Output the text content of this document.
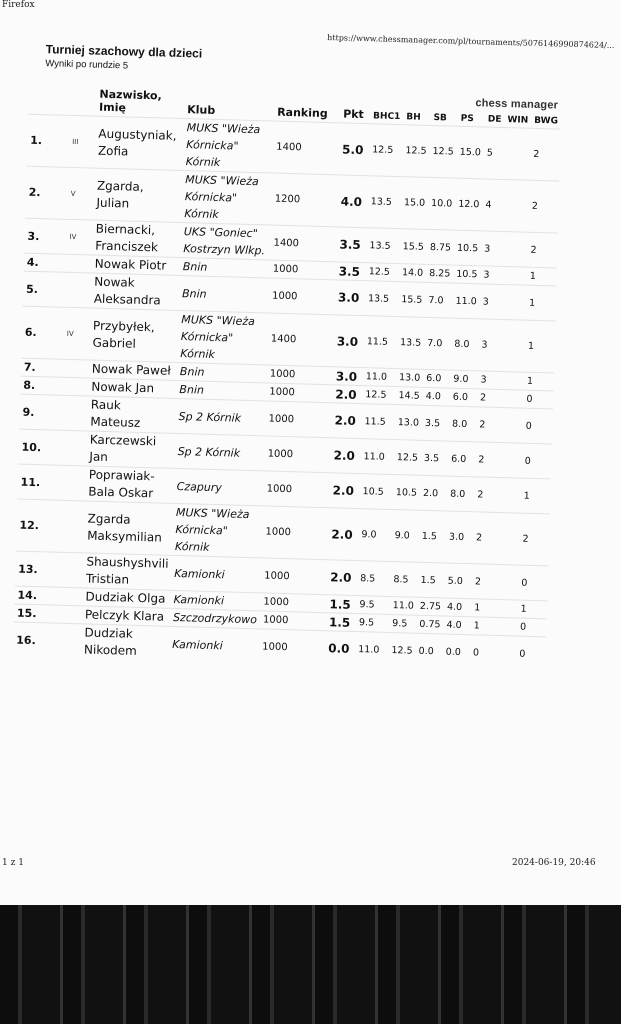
Firefox
https://www.chessmanager.com/pl/tournaments/5076146990874624/...
Turniej szachowy dla dzieci
Wyniki po rundzie 5
chess manager
		Nazwisko, Imię	Klub	Ranking	Pkt	BHC1	BH	SB	PS	DE	WIN	BWG
1.	III	Augustyniak, Zofia	MUKS "Wieża Kórnicka" Kórnik	1400	5.0	12.5	12.5	12.5	15.0	5		2
2.	V	Zgarda, Julian	MUKS "Wieża Kórnicka" Kórnik	1200	4.0	13.5	15.0	10.0	12.0	4		2
3.	IV	Biernacki, Franciszek	UKS "Goniec" Kostrzyn Wlkp.	1400	3.5	13.5	15.5	8.75	10.5	3		2
4.		Nowak Piotr	Bnin	1000	3.5	12.5	14.0	8.25	10.5	3		1
5.		Nowak Aleksandra	Bnin	1000	3.0	13.5	15.5	7.0	11.0	3		1
6.	IV	Przybyłek, Gabriel	MUKS "Wieża Kórnicka" Kórnik	1400	3.0	11.5	13.5	7.0	8.0	3		1
7.		Nowak Paweł	Bnin	1000	3.0	11.0	13.0	6.0	9.0	3		1
8.		Nowak Jan	Bnin	1000	2.0	12.5	14.5	4.0	6.0	2		0
9.		Rauk Mateusz	Sp 2 Kórnik	1000	2.0	11.5	13.0	3.5	8.0	2		0
10.		Karczewski Jan	Sp 2 Kórnik	1000	2.0	11.0	12.5	3.5	6.0	2		0
11.		Poprawiak-Bala Oskar	Czapury	1000	2.0	10.5	10.5	2.0	8.0	2		1
12.		Zgarda Maksymilian	MUKS "Wieża Kórnicka" Kórnik	1000	2.0	9.0	9.0	1.5	3.0	2		2
13.		Shaushyshvili Tristian	Kamionki	1000	2.0	8.5	8.5	1.5	5.0	2		0
14.		Dudziak Olga	Kamionki	1000	1.5	9.5	11.0	2.75	4.0	1		1
15.		Pelczyk Klara	Szczodrzykowo	1000	1.5	9.5	9.5	0.75	4.0	1		0
16.		Dudziak Nikodem	Kamionki	1000	0.0	11.0	12.5	0.0	0.0	0		0
1 z 1	2024-06-19, 20:46
